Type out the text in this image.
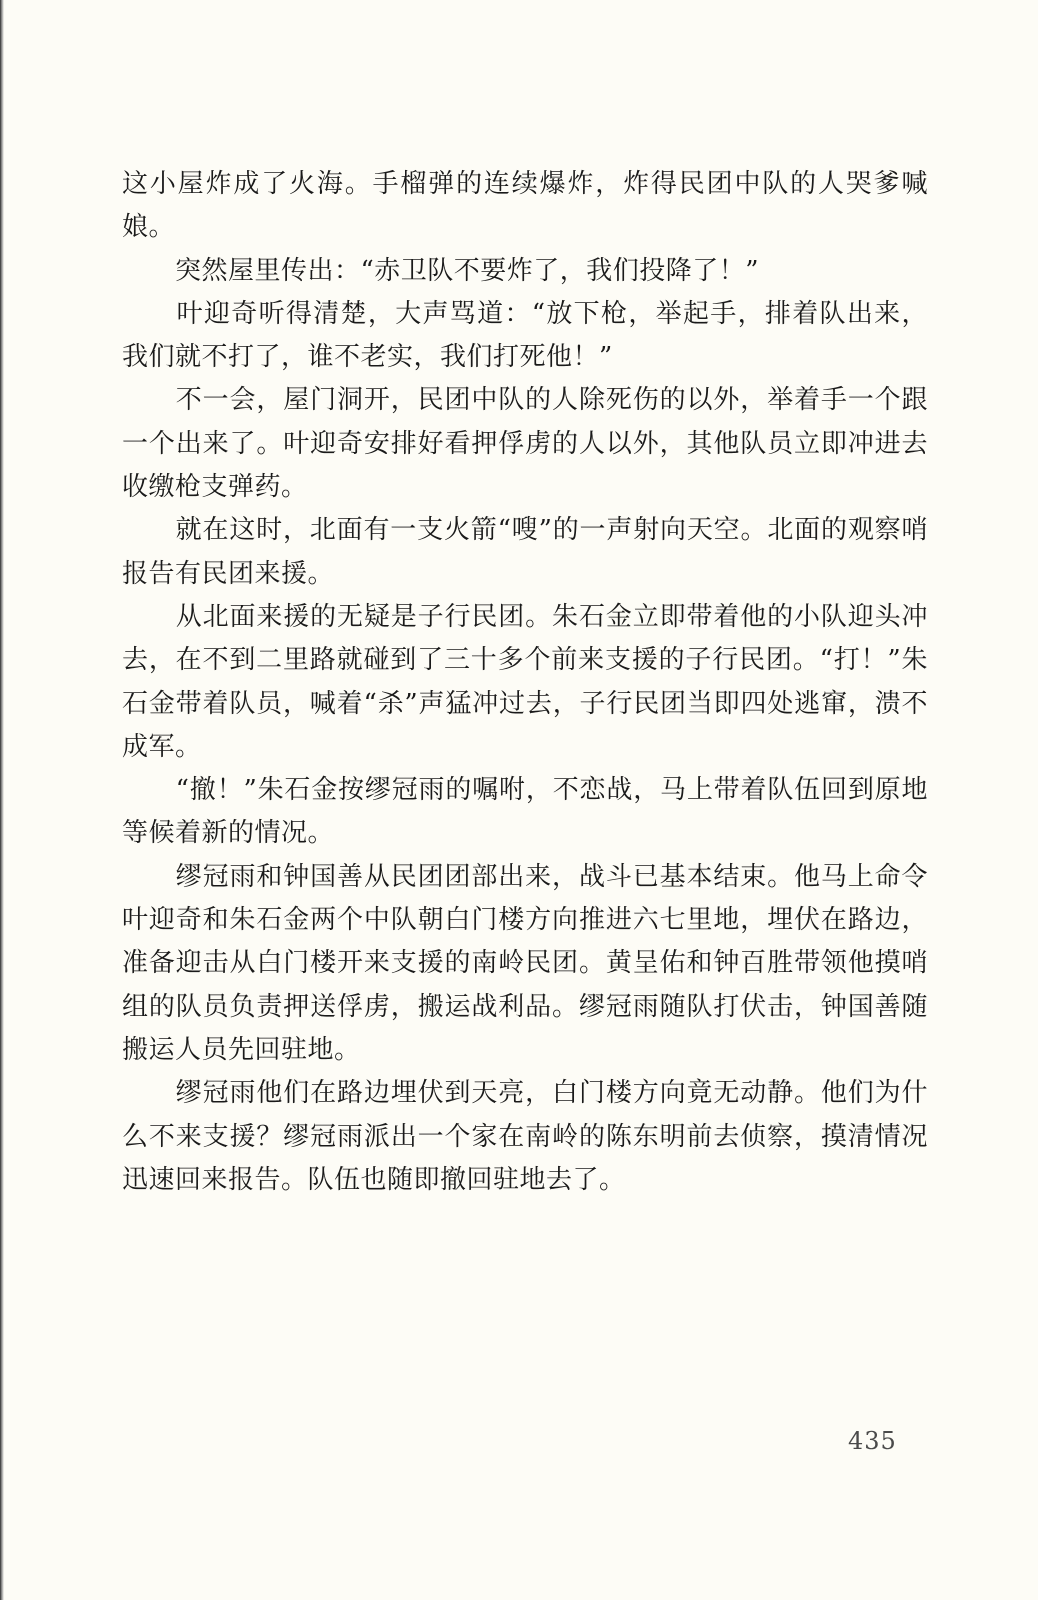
这小屋炸成了火海。手榴弹的连续爆炸，炸得民团中队的人哭爹喊娘。

　　突然屋里传出：“赤卫队不要炸了，我们投降了！”

　　叶迎奇听得清楚，大声骂道：“放下枪，举起手，排着队出来，我们就不打了，谁不老实，我们打死他！”

　　不一会，屋门洞开，民团中队的人除死伤的以外，举着手一个跟一个出来了。叶迎奇安排好看押俘虏的人以外，其他队员立即冲进去收缴枪支弹药。

　　就在这时，北面有一支火箭“嗖”的一声射向天空。北面的观察哨报告有民团来援。

　　从北面来援的无疑是子行民团。朱石金立即带着他的小队迎头冲去，在不到二里路就碰到了三十多个前来支援的子行民团。“打！”朱石金带着队员，喊着“杀”声猛冲过去，子行民团当即四处逃窜，溃不成军。

　　“撤！”朱石金按缪冠雨的嘱咐，不恋战，马上带着队伍回到原地等候着新的情况。

　　缪冠雨和钟国善从民团团部出来，战斗已基本结束。他马上命令叶迎奇和朱石金两个中队朝白门楼方向推进六七里地，埋伏在路边，准备迎击从白门楼开来支援的南岭民团。黄呈佑和钟百胜带领他摸哨组的队员负责押送俘虏，搬运战利品。缪冠雨随队打伏击，钟国善随搬运人员先回驻地。

　　缪冠雨他们在路边埋伏到天亮，白门楼方向竟无动静。他们为什么不来支援？缪冠雨派出一个家在南岭的陈东明前去侦察，摸清情况迅速回来报告。队伍也随即撤回驻地去了。

435
